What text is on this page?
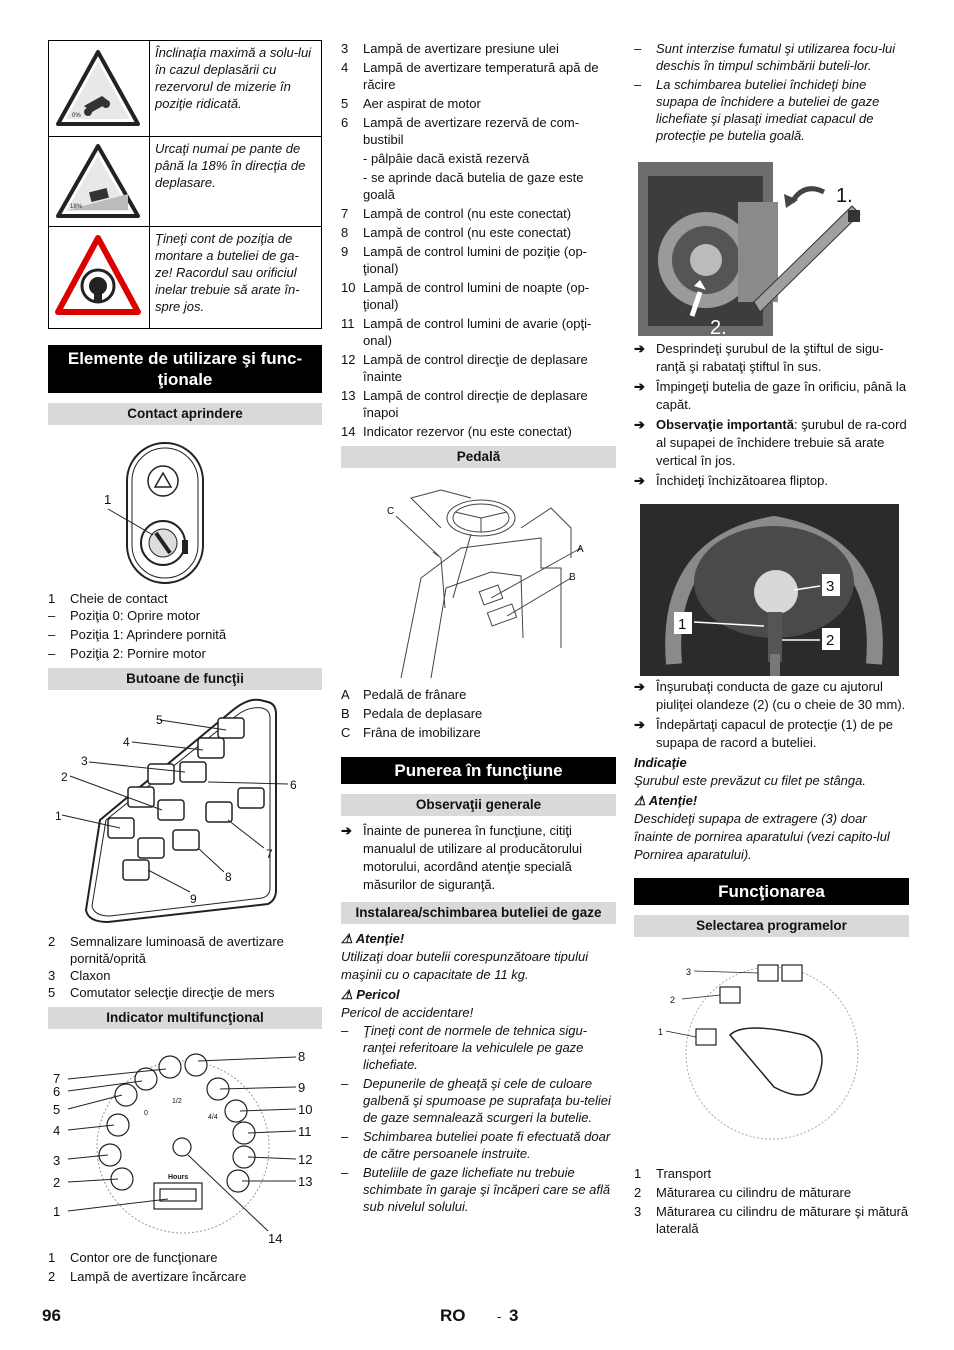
0%	Înclinaţia maximă a solu-lui în cazul deplasării cu rezervorul de mizerie în poziţie ridicată.

18%	Urcaţi numai pe pante de până la 18% în direcţia de deplasare.
	Ţineţi cont de poziţia de montare a buteliei de ga-ze! Racordul sau orificiul inelar trebuie să arate în-spre jos.
Elemente de utilizare şi func-ţionale
Contact aprindere
1
1 Cheie de contact
– Poziţia 0: Oprire motor
– Poziţia 1: Aprindere pornită
– Poziţia 2: Pornire motor
Butoane de funcţii
1
2
3
4
5
6
7
8
9
2 Semnalizare luminoasă de avertizare pornită/oprită
3 Claxon
5 Comutator selecţie direcţie de mers
Indicator multifuncţional
0
1/2
4/4
Hours
1
2
3
4
5
6
7
8
9
10
11
12
13
14
1 Contor ore de funcţionare
2 Lampă de avertizare încărcare
3 Lampă de avertizare presiune ulei
4 Lampă de avertizare temperatură apă de răcire
5 Aer aspirat de motor
6 Lampă de avertizare rezervă de com-bustibil
- pâlpâie dacă există rezervă
- se aprinde dacă butelia de gaze este goală
7 Lampă de control (nu este conectat)
8 Lampă de control (nu este conectat)
9 Lampă de control lumini de poziţie (op-ţional)
10 Lampă de control lumini de noapte (op-ţional)
11 Lampă de control lumini de avarie (opţi-onal)
12 Lampă de control direcţie de deplasare înainte
13 Lampă de control direcţie de deplasare înapoi
14 Indicator rezervor (nu este conectat)
Pedală
A
B
C
A Pedală de frânare
B Pedala de deplasare
C Frâna de imobilizare
Punerea în funcţiune
Observaţii generale
➔ Înainte de punerea în funcţiune, citiţi manualul de utilizare al producătorului motorului, acordând atenţie specială măsurilor de siguranţă.
Instalarea/schimbarea buteliei de gaze
⚠ Atenţie!
Utilizaţi doar butelii corespunzătoare tipului maşinii cu o capacitate de 11 kg.
⚠ Pericol
Pericol de accidentare!
– Ţineţi cont de normele de tehnica sigu-ranţei referitoare la vehiculele pe gaze lichefiate.
– Depunerile de gheaţă şi cele de culoare galbenă şi spumoase pe suprafaţa bu-teliei de gaze semnalează scurgeri la butelie.
– Schimbarea buteliei poate fi efectuată doar de către persoanele instruite.
– Buteliile de gaze lichefiate nu trebuie schimbate în garaje şi încăperi care se află sub nivelul solului.
– Sunt interzise fumatul şi utilizarea focu-lui deschis în timpul schimbării buteli-lor.
– La schimbarea buteliei închideţi bine supapa de închidere a buteliei de gaze lichefiate şi plasaţi imediat capacul de protecţie pe butelia goală.
1.
2.
➔ Desprindeţi şurubul de la ştiftul de sigu-ranţă şi rabataţi ştiftul în sus.
➔ Împingeţi butelia de gaze în orificiu, până la capăt.
➔ Observaţie importantă: şurubul de ra-cord al supapei de închidere trebuie să arate vertical în jos.
➔ Închideţi închizătoarea fliptop.
1
2
3
➔ Înşurubaţi conducta de gaze cu ajutorul piuliţei olandeze (2) (cu o cheie de 30 mm).
➔ Îndepărtaţi capacul de protecţie (1) de pe supapa de racord a buteliei.
Indicaţie
Şurubul este prevăzut cu filet pe stânga.
⚠ Atenţie!
Deschideţi supapa de extragere (3) doar înainte de pornirea aparatului (vezi capito-lul Pornirea aparatului).
Funcţionarea
Selectarea programelor
1
2
3
1 Transport
2 Măturarea cu cilindru de măturare
3 Măturarea cu cilindru de măturare şi mătură laterală
96	RO - 3
